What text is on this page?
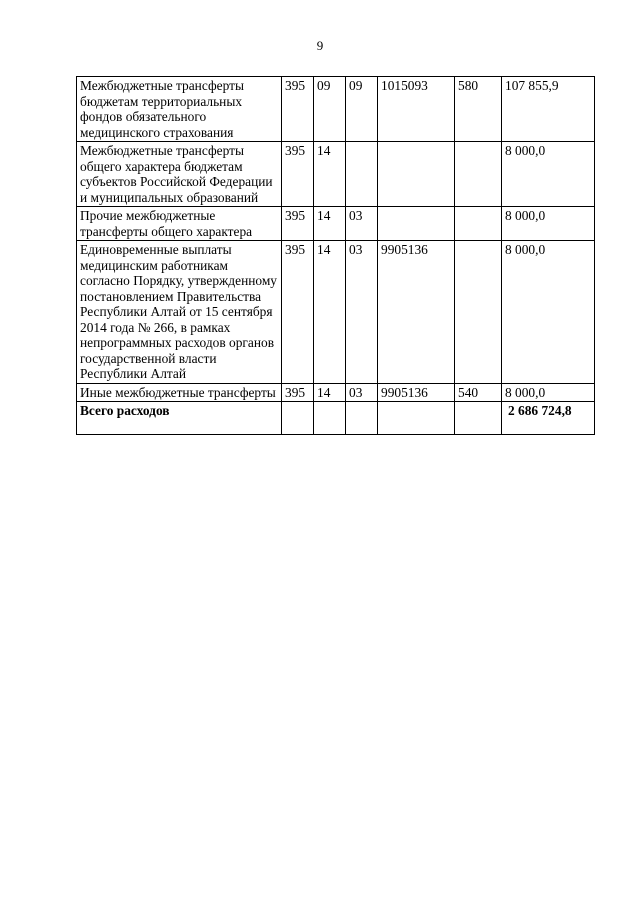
9
Межбюджетные трансферты бюджетам территориальных фондов обязательного медицинского страхования	395	09	09	1015093	580	107 855,9
Межбюджетные трансферты общего характера бюджетам субъектов Российской Федерации и муниципальных образований	395	14				8 000,0
Прочие межбюджетные трансферты общего характера	395	14	03			8 000,0
Единовременные выплаты медицинским работникам согласно Порядку, утвержденному постановлением Правительства Республики Алтай от 15 сентября 2014 года № 266, в рамках непрограммных расходов органов государственной власти Республики Алтай	395	14	03	9905136		8 000,0
Иные межбюджетные трансферты	395	14	03	9905136	540	8 000,0
Всего расходов						2 686 724,8
